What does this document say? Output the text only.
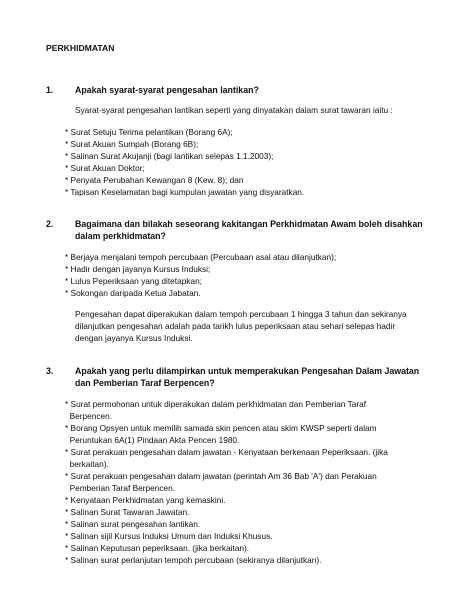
PERKHIDMATAN
1. Apakah syarat-syarat pengesahan lantikan?
Syarat-syarat pengesahan lantikan seperti yang dinyatakan dalam surat tawaran iaitu :
* Surat Setuju Terima pelantikan (Borang 6A);
* Surat Akuan Sumpah (Borang 6B);
* Salinan Surat Akujanji (bagi lantikan selepas 1.1.2003);
* Surat Akuan Doktor;
* Penyata Perubahan Kewangan 8 (Kew. 8); dan
* Tapisan Keselamatan bagi kumpulan jawatan yang disyaratkan.
2. Bagaimana dan bilakah seseorang kakitangan Perkhidmatan Awam boleh disahkan
dalam perkhidmatan?
* Berjaya menjalani tempoh percubaan (Percubaan asal atau dilanjutkan);
* Hadir dengan jayanya Kursus Induksi;
* Lulus Peperiksaan yang ditetapkan;
* Sokongan daripada Ketua Jabatan.
Pengesahan dapat diperakukan dalam tempoh percubaan 1 hingga 3 tahun dan sekiranya
dilanjutkan pengesahan adalah pada tarikh lulus peperiksaan atau sehari selepas hadir
dengan jayanya Kursus Induksi.
3. Apakah yang perlu dilampirkan untuk memperakukan Pengesahan Dalam Jawatan
dan Pemberian Taraf Berpencen?
* Surat permohonan untuk diperakukan dalam perkhidmatan dan Pemberian Taraf
Berpencen.
* Borang Opsyen untuk memilih samada skin pencen atau skim KWSP seperti dalam
Peruntukan 6A(1) Pindaan Akta Pencen 1980.
* Surat perakuan pengesahan dalam jawatan - Kenyataan berkenaan Peperiksaan. (jika
berkaitan).
* Surat perakuan pengesahan dalam jawatan (perintah Am 36 Bab 'A') dan Perakuan
Pemberian Taraf Berpencen.
* Kenyataan Perkhidmatan yang kemaskini.
* Salinan Surat Tawaran Jawatan.
* Salinan surat pengesahan lantikan.
* Salinan sijil Kursus Induksi Umum dan Induksi Khusus.
* Salinan Keputusan peperiksaan. (jika berkaitan).
* Salinan surat perlanjutan tempoh percubaan (sekiranya dilanjutkan).
